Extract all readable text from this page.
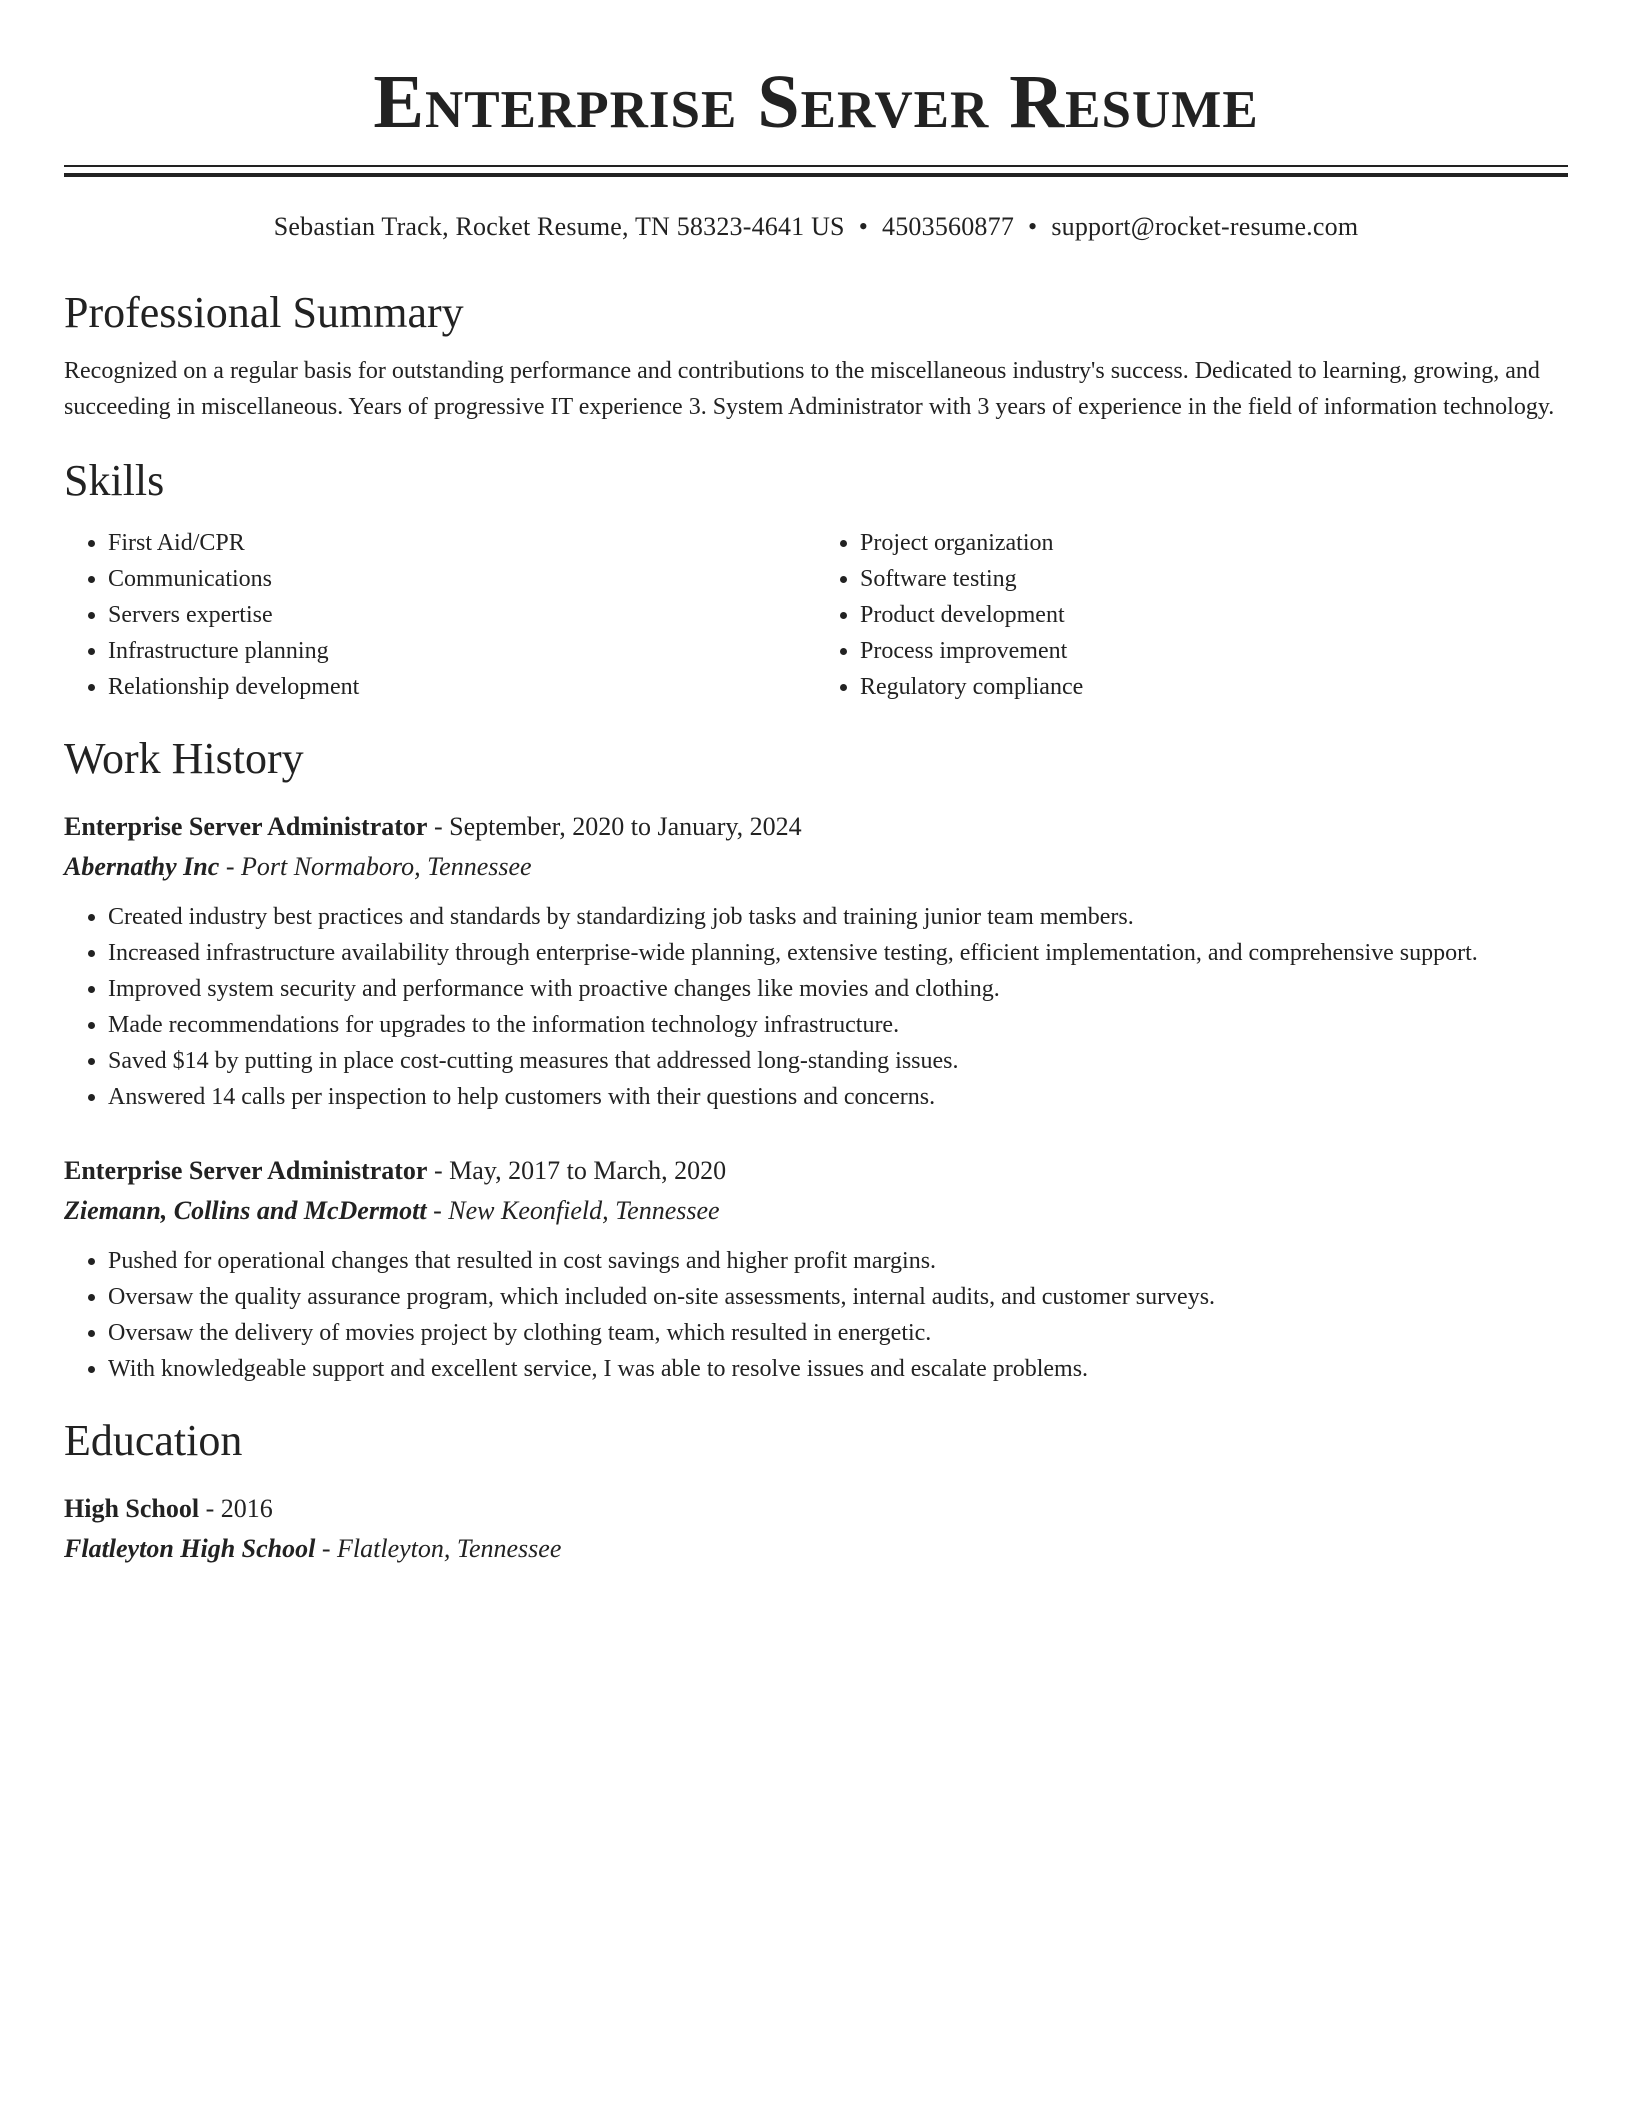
Enterprise Server Resume
Sebastian Track, Rocket Resume, TN 58323-4641 US • 4503560877 • support@rocket-resume.com
Professional Summary

Recognized on a regular basis for outstanding performance and contributions to the miscellaneous industry's success. Dedicated to learning, growing, and succeeding in miscellaneous. Years of progressive IT experience 3. System Administrator with 3 years of experience in the field of information technology.

Skills
• First Aid/CPR
• Communications
• Servers expertise
• Infrastructure planning
• Relationship development
• Project organization
• Software testing
• Product development
• Process improvement
• Regulatory compliance
Work History
Enterprise Server Administrator - September, 2020 to January, 2024
Abernathy Inc - Port Normaboro, Tennessee
• Created industry best practices and standards by standardizing job tasks and training junior team members.
• Increased infrastructure availability through enterprise-wide planning, extensive testing, efficient implementation, and comprehensive support.
• Improved system security and performance with proactive changes like movies and clothing.
• Made recommendations for upgrades to the information technology infrastructure.
• Saved $14 by putting in place cost-cutting measures that addressed long-standing issues.
• Answered 14 calls per inspection to help customers with their questions and concerns.
Enterprise Server Administrator - May, 2017 to March, 2020
Ziemann, Collins and McDermott - New Keonfield, Tennessee
• Pushed for operational changes that resulted in cost savings and higher profit margins.
• Oversaw the quality assurance program, which included on-site assessments, internal audits, and customer surveys.
• Oversaw the delivery of movies project by clothing team, which resulted in energetic.
• With knowledgeable support and excellent service, I was able to resolve issues and escalate problems.
Education
High School - 2016
Flatleyton High School - Flatleyton, Tennessee
